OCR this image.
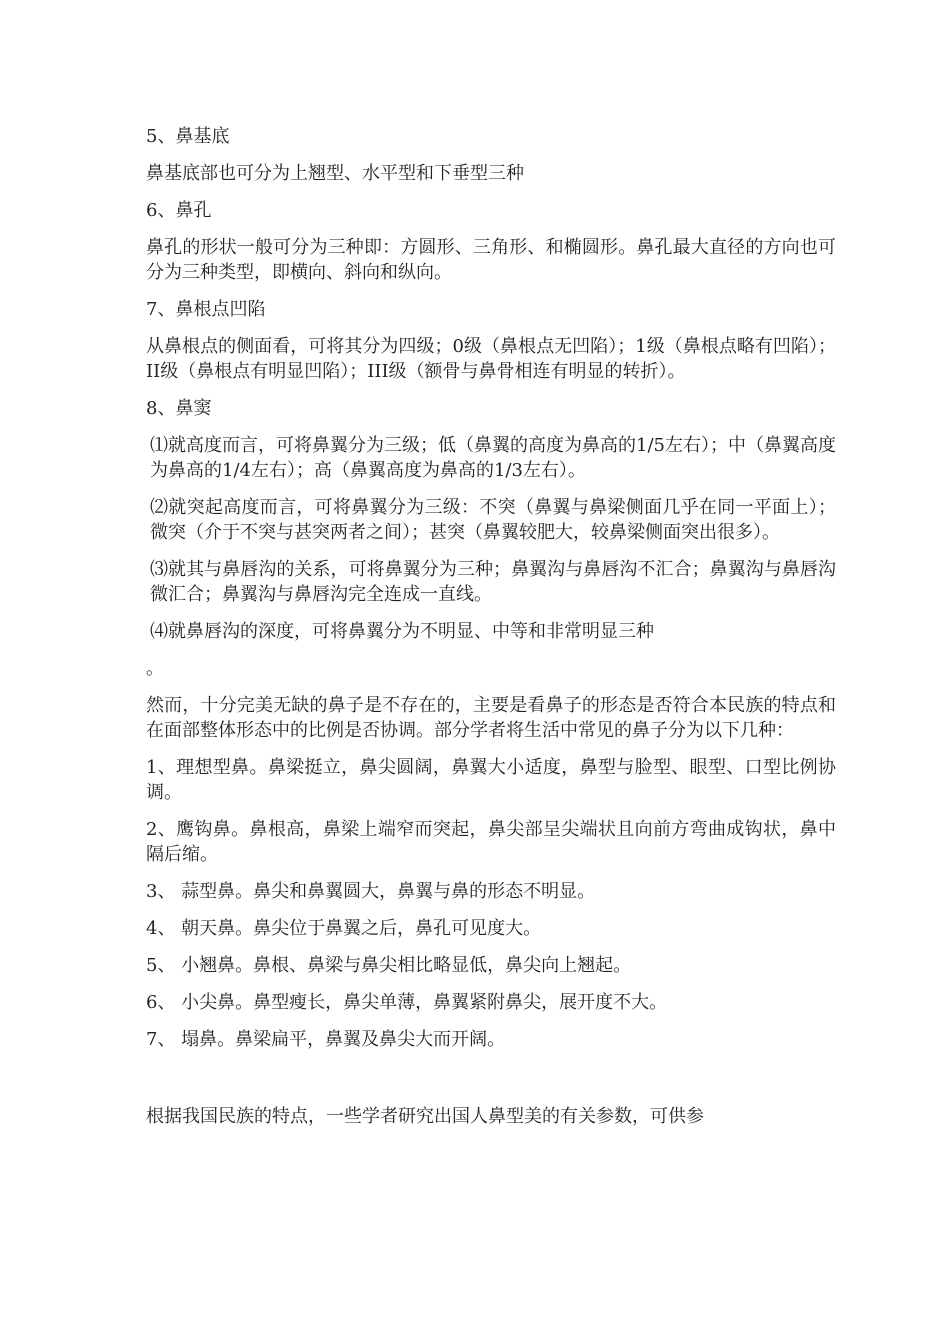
5、鼻基底

鼻基底部也可分为上翘型、水平型和下垂型三种

6、鼻孔

鼻孔的形状一般可分为三种即：方圆形、三角形、和椭圆形。鼻孔最大直径的方向也可分为三种类型，即横向、斜向和纵向。

7、鼻根点凹陷

从鼻根点的侧面看，可将其分为四级；0级（鼻根点无凹陷）；1级（鼻根点略有凹陷）；II级（鼻根点有明显凹陷）；III级（额骨与鼻骨相连有明显的转折）。

8、鼻窦

⑴就高度而言，可将鼻翼分为三级；低（鼻翼的高度为鼻高的1/5左右）；中（鼻翼高度为鼻高的1/4左右）；高（鼻翼高度为鼻高的1/3左右）。

⑵就突起高度而言，可将鼻翼分为三级：不突（鼻翼与鼻梁侧面几乎在同一平面上）；微突（介于不突与甚突两者之间）；甚突（鼻翼较肥大，较鼻梁侧面突出很多）。

⑶就其与鼻唇沟的关系，可将鼻翼分为三种；鼻翼沟与鼻唇沟不汇合；鼻翼沟与鼻唇沟微汇合；鼻翼沟与鼻唇沟完全连成一直线。

⑷就鼻唇沟的深度，可将鼻翼分为不明显、中等和非常明显三种

。

然而，十分完美无缺的鼻子是不存在的，主要是看鼻子的形态是否符合本民族的特点和在面部整体形态中的比例是否协调。部分学者将生活中常见的鼻子分为以下几种：

1、理想型鼻。鼻梁挺立，鼻尖圆阔，鼻翼大小适度，鼻型与脸型、眼型、口型比例协调。

2、鹰钩鼻。鼻根高，鼻梁上端窄而突起，鼻尖部呈尖端状且向前方弯曲成钩状，鼻中隔后缩。

3、 蒜型鼻。鼻尖和鼻翼圆大，鼻翼与鼻的形态不明显。

4、 朝天鼻。鼻尖位于鼻翼之后，鼻孔可见度大。

5、 小翘鼻。鼻根、鼻梁与鼻尖相比略显低，鼻尖向上翘起。

6、 小尖鼻。鼻型瘦长，鼻尖单薄，鼻翼紧附鼻尖，展开度不大。

7、 塌鼻。鼻梁扁平，鼻翼及鼻尖大而开阔。

根据我国民族的特点，一些学者研究出国人鼻型美的有关参数，可供参
